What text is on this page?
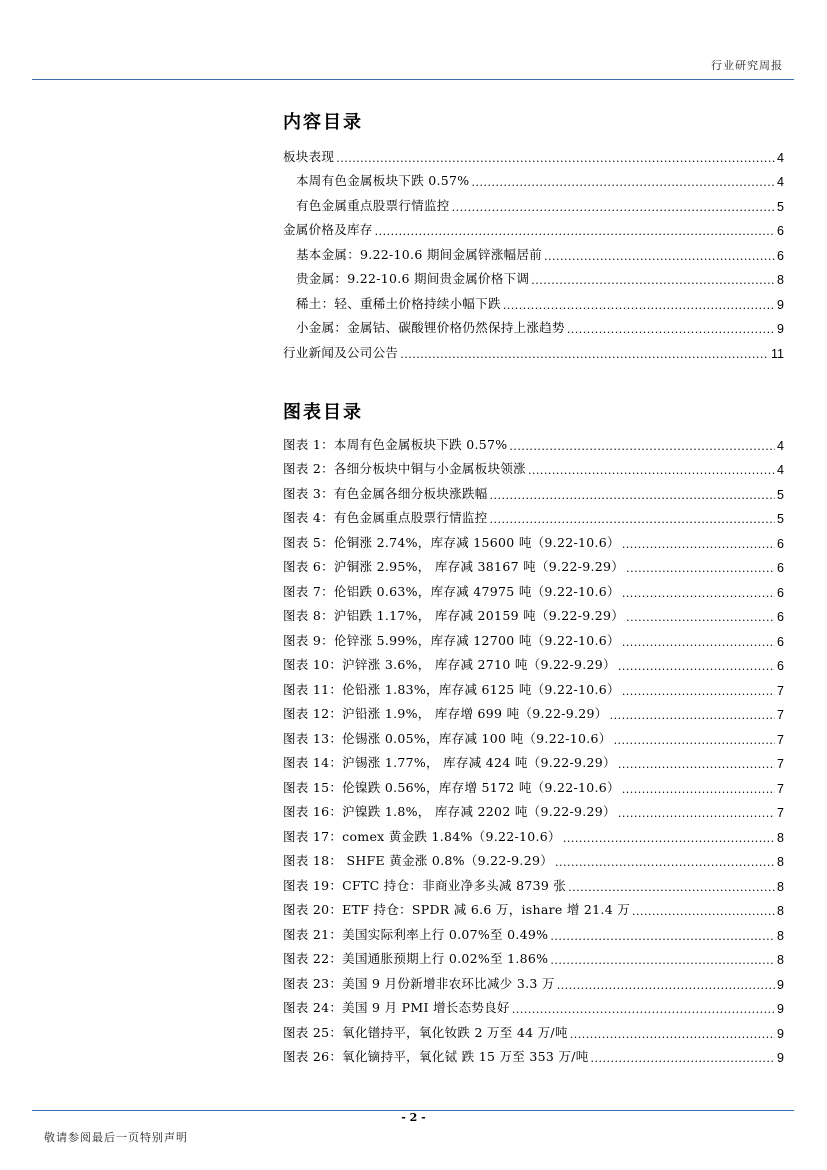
行业研究周报
内容目录
板块表现 .....	4
本周有色金属板块下跌 0.57% .....	4
有色金属重点股票行情监控 .....	5
金属价格及库存 .....	6
基本金属：9.22-10.6 期间金属锌涨幅居前 .....	6
贵金属：9.22-10.6 期间贵金属价格下调 .....	8
稀土：轻、重稀土价格持续小幅下跌 .....	9
小金属：金属钴、碳酸锂价格仍然保持上涨趋势 .....	9
行业新闻及公司公告 .....	11
图表目录
图表 1：本周有色金属板块下跌 0.57% .....	4
图表 2：各细分板块中铜与小金属板块领涨 .....	4
图表 3：有色金属各细分板块涨跌幅 .....	5
图表 4：有色金属重点股票行情监控 .....	5
图表 5：伦铜涨 2.74%，库存减 15600 吨（9.22-10.6） .....	6
图表 6：沪铜涨 2.95%， 库存减 38167 吨（9.22-9.29） .....	6
图表 7：伦铝跌 0.63%，库存减 47975 吨（9.22-10.6） .....	6
图表 8：沪铝跌 1.17%， 库存减 20159 吨（9.22-9.29） .....	6
图表 9：伦锌涨 5.99%，库存减 12700 吨（9.22-10.6） .....	6
图表 10：沪锌涨 3.6%， 库存减 2710 吨（9.22-9.29） .....	6
图表 11：伦铅涨 1.83%，库存减 6125 吨（9.22-10.6） .....	7
图表 12：沪铅涨 1.9%， 库存增 699 吨（9.22-9.29） .....	7
图表 13：伦锡涨 0.05%，库存减 100 吨（9.22-10.6） .....	7
图表 14：沪锡涨 1.77%， 库存减 424 吨（9.22-9.29） .....	7
图表 15：伦镍跌 0.56%，库存增 5172 吨（9.22-10.6） .....	7
图表 16：沪镍跌 1.8%， 库存减 2202 吨（9.22-9.29） .....	7
图表 17：comex 黄金跌 1.84%（9.22-10.6） .....	8
图表 18： SHFE 黄金涨 0.8%（9.22-9.29） .....	8
图表 19：CFTC 持仓：非商业净多头减 8739 张 .....	8
图表 20：ETF 持仓：SPDR 减 6.6 万，ishare 增 21.4 万 .....	8
图表 21：美国实际利率上行 0.07%至 0.49% .....	8
图表 22：美国通胀预期上行 0.02%至 1.86% .....	8
图表 23：美国 9 月份新增非农环比减少 3.3 万 .....	9
图表 24：美国 9 月 PMI 增长态势良好 .....	9
图表 25：氧化镨持平，氧化钕跌 2 万至 44 万/吨 .....	9
图表 26：氧化镝持平，氧化铽 跌 15 万至 353 万/吨 .....	9
- 2 -
敬请参阅最后一页特别声明
